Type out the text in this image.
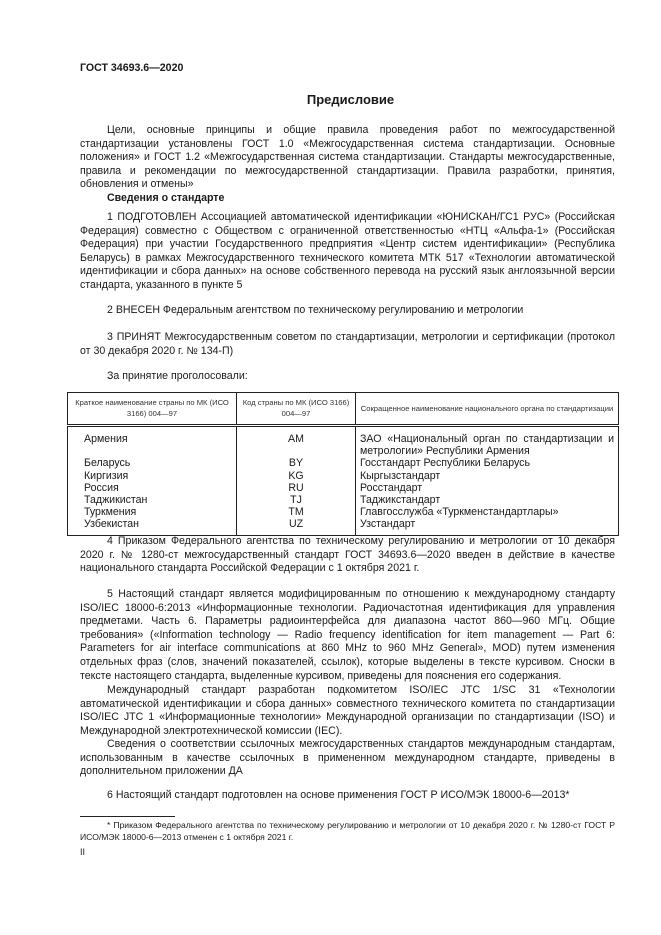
ГОСТ 34693.6—2020
Предисловие
Цели, основные принципы и общие правила проведения работ по межгосударственной стандартизации установлены ГОСТ 1.0 «Межгосударственная система стандартизации. Основные положения» и ГОСТ 1.2 «Межгосударственная система стандартизации. Стандарты межгосударственные, правила и рекомендации по межгосударственной стандартизации. Правила разработки, принятия, обновления и отмены»
Сведения о стандарте
1 ПОДГОТОВЛЕН Ассоциацией автоматической идентификации «ЮНИСКАН/ГС1 РУС» (Российская Федерация) совместно с Обществом с ограниченной ответственностью «НТЦ «Альфа-1» (Российская Федерация) при участии Государственного предприятия «Центр систем идентификации» (Республика Беларусь) в рамках Межгосударственного технического комитета МТК 517 «Технологии автоматической идентификации и сбора данных» на основе собственного перевода на русский язык англоязычной версии стандарта, указанного в пункте 5
2 ВНЕСЕН Федеральным агентством по техническому регулированию и метрологии
3 ПРИНЯТ Межгосударственным советом по стандартизации, метрологии и сертификации (протокол от 30 декабря 2020 г. № 134-П)
За принятие проголосовали:
Краткое наименование страны по МК (ИСО 3166) 004—97	Код страны по МК (ИСО 3166) 004—97	Сокращенное наименование национального органа по стандартизации
Армения	AM	ЗАО «Национальный орган по стандартизации и метрологии» Республики Армения
Беларусь	BY	Госстандарт Республики Беларусь
Киргизия	KG	Кыргызстандарт
Россия	RU	Росстандарт
Таджикистан	TJ	Таджикстандарт
Туркмения	TM	Главгосслужба «Туркменстандартлары»
Узбекистан	UZ	Узстандарт
4 Приказом Федерального агентства по техническому регулированию и метрологии от 10 декабря 2020 г. № 1280-ст межгосударственный стандарт ГОСТ 34693.6—2020 введен в действие в качестве национального стандарта Российской Федерации с 1 октября 2021 г.
5 Настоящий стандарт является модифицированным по отношению к международному стандарту ISO/IEC 18000-6:2013 «Информационные технологии. Радиочастотная идентификация для управления предметами. Часть 6. Параметры радиоинтерфейса для диапазона частот 860—960 МГц. Общие требования» («Information technology — Radio frequency identification for item management — Part 6: Parameters for air interface communications at 860 MHz to 960 MHz General», MOD) путем изменения отдельных фраз (слов, значений показателей, ссылок), которые выделены в тексте курсивом. Сноски в тексте настоящего стандарта, выделенные курсивом, приведены для пояснения его содержания.
Международный стандарт разработан подкомитетом ISO/IEC JTC 1/SC 31 «Технологии автоматической идентификации и сбора данных» совместного технического комитета по стандартизации ISO/IEC JTC 1 «Информационные технологии» Международной организации по стандартизации (ISO) и Международной электротехнической комиссии (IEC).
Сведения о соответствии ссылочных межгосударственных стандартов международным стандартам, использованным в качестве ссылочных в примененном международном стандарте, приведены в дополнительном приложении ДА
6 Настоящий стандарт подготовлен на основе применения ГОСТ Р ИСО/МЭК 18000-6—2013*
* Приказом Федерального агентства по техническому регулированию и метрологии от 10 декабря 2020 г. № 1280-ст ГОСТ Р ИСО/МЭК 18000-6—2013 отменен с 1 октября 2021 г.
II
